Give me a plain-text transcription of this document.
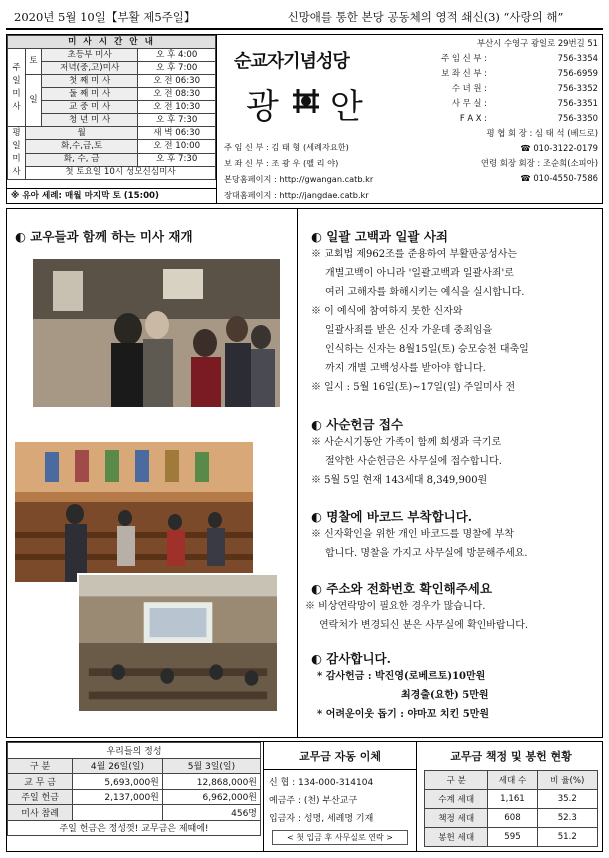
2020년 5월 10일【부활 제5주일】	신망애를 통한 본당 공동체의 영적 쇄신(3) “사랑의 해”
미 사 시 간 안 내			
주
일
미
사	토	초등부 미사	오 후 4:00
		저녁(중,고)미사	오 후 7:00
	일	첫 째 미 사	오 전 06:30
		둘 째 미 사	오 전 08:30
		교 중 미 사	오 전 10:30
		청 년 미 사	오 후 7:30
평
일
미
사	월		새 벽 06:30
	화,수,금,토		오 전 10:00
	화, 수, 금		오 후 7:30
	첫 토요일 10시 성모신심미사		
※ 유아 세례: 매월 마지막 토 (15:00)
순교자기념성당
광 안
주 임 신 부 : 김 태 형 (세례자요한)
보 좌 신 부 : 조 광 우 (펠 리 야)
본당홈페이지 : http://gwangan.catb.kr
장대홈페이지 : http://jangdae.catb.kr
부산시 수영구 광일로 29번길 51
주 임 신 부 :	756-3354
보 좌 신 부 :	756-6959
수 녀 원 :	756-3352
사 무 실 :	756-3351
F A X :	756-3350
평 협 회 장 : 심 태 석 (베드로)
☎ 010-3122-0179
연령 회장 회장 : 조순희(소피아)
☎ 010-4550-7586
◐ 교우들과 함께 하는 미사 재개	◐ 일괄 고백과 일괄 사죄
※ 교회법 제962조를 준용하여 부활판공성사는
개별고백이 아니라 '일괄고백과 일괄사죄'로
여러 고해자를 화해시키는 예식을 실시합니다.
※ 이 예식에 참여하지 못한 신자와
일괄사죄를 받은 신자 가운데 중죄임을
인식하는 신자는 8월15일(토) 승모승천 대축일
까지 개별 고백성사를 받아야 합니다.
※ 일시 : 5월 16일(토)~17일(일) 주일미사 전
◐ 사순헌금 접수
※ 사순시기동안 가족이 함께 희생과 극기로
절약한 사순헌금은 사무실에 접수합니다.
※ 5월 5일 현재 143세대 8,349,900원
◐ 명찰에 바코드 부착합니다.
※ 신자확인을 위한 개인 바코드를 명찰에 부착
합니다. 명찰을 가지고 사무실에 방문해주세요.
◐ 주소와 전화번호 확인해주세요
※ 비상연락망이 필요한 경우가 많습니다.
연락처가 변경되신 분은 사무실에 확인바랍니다.
◐ 감사합니다.
* 감사헌금 : 박진영(로베르토)10만원
최경출(요한) 5만원
* 어려운이웃 돕기 : 야마꼬 치킨 5만원
우리들의 정성		
구 분	4월 26일(일)	5월 3일(일)
교 무 금	5,693,000원	12,868,000원
주일 헌금	2,137,000원	6,962,000원
미사 참례		456명
주일 헌금은 정성껏! 교무금은 제때에!		
교무금 자동 이체
신 협 : 134-000-314104
예금주 : (천) 부산교구
입금자 : 성명, 세례명 기재
< 첫 입금 후 사무실로 연락 >
교무금 책정 및 봉헌 현황
구 분	세대 수	비 율(%)
수계 세대	1,161	35.2
책정 세대	608	52.3
봉헌 세대	595	51.2
